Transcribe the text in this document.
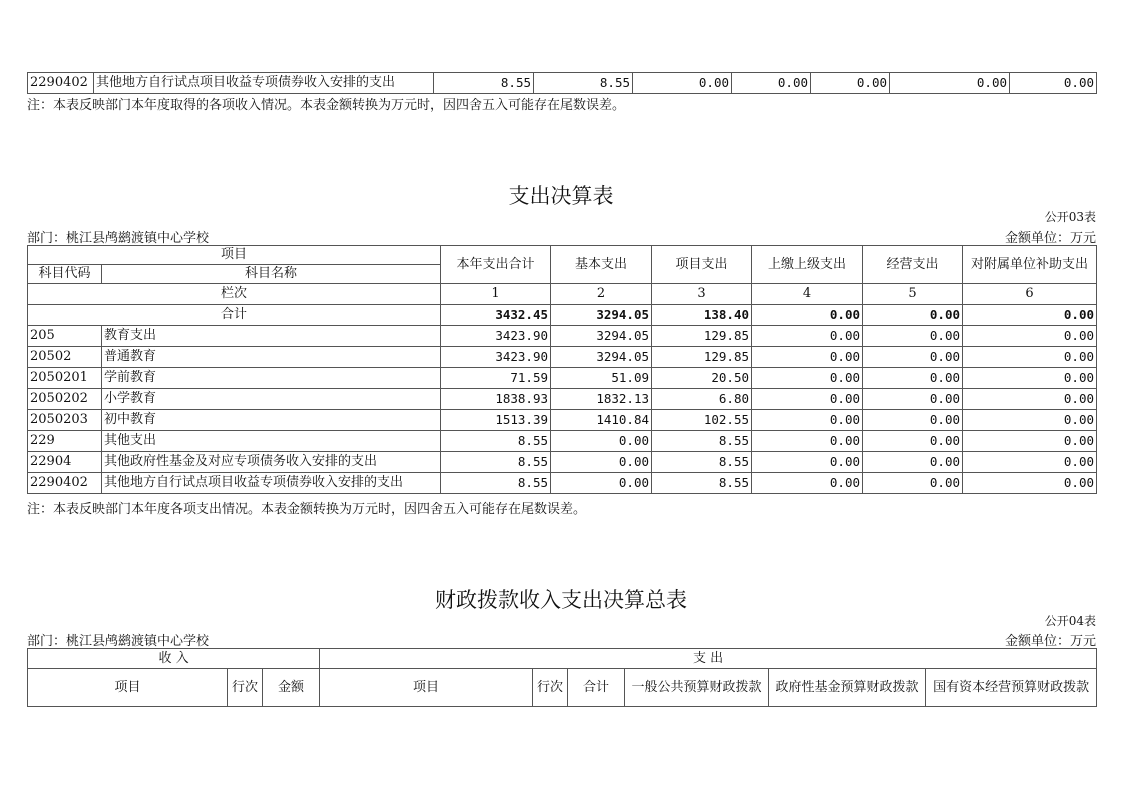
2290402	其他地方自行试点项目收益专项债券收入安排的支出	8.55	8.55	0.00	0.00	0.00	0.00	0.00
注：本表反映部门本年度取得的各项收入情况。本表金额转换为万元时，因四舍五入可能存在尾数误差。
支出决算表
公开03表
部门：桃江县鸬鹚渡镇中心学校	金额单位：万元
项目		本年支出合计	基本支出	项目支出	上缴上级支出	经营支出	对附属单位补助支出
科目代码	科目名称						
栏次		1	2	3	4	5	6
合计		3432.45	3294.05	138.40	0.00	0.00	0.00
205	教育支出	3423.90	3294.05	129.85	0.00	0.00	0.00
20502	普通教育	3423.90	3294.05	129.85	0.00	0.00	0.00
2050201	学前教育	71.59	51.09	20.50	0.00	0.00	0.00
2050202	小学教育	1838.93	1832.13	6.80	0.00	0.00	0.00
2050203	初中教育	1513.39	1410.84	102.55	0.00	0.00	0.00
229	其他支出	8.55	0.00	8.55	0.00	0.00	0.00
22904	其他政府性基金及对应专项债务收入安排的支出	8.55	0.00	8.55	0.00	0.00	0.00
2290402	其他地方自行试点项目收益专项债券收入安排的支出	8.55	0.00	8.55	0.00	0.00	0.00
注：本表反映部门本年度各项支出情况。本表金额转换为万元时，因四舍五入可能存在尾数误差。
财政拨款收入支出决算总表
公开04表
部门：桃江县鸬鹚渡镇中心学校	金额单位：万元
收 入			支 出					
项目	行次	金额	项目	行次	合计	一般公共预算财政拨款	政府性基金预算财政拨款	国有资本经营预算财政拨款
